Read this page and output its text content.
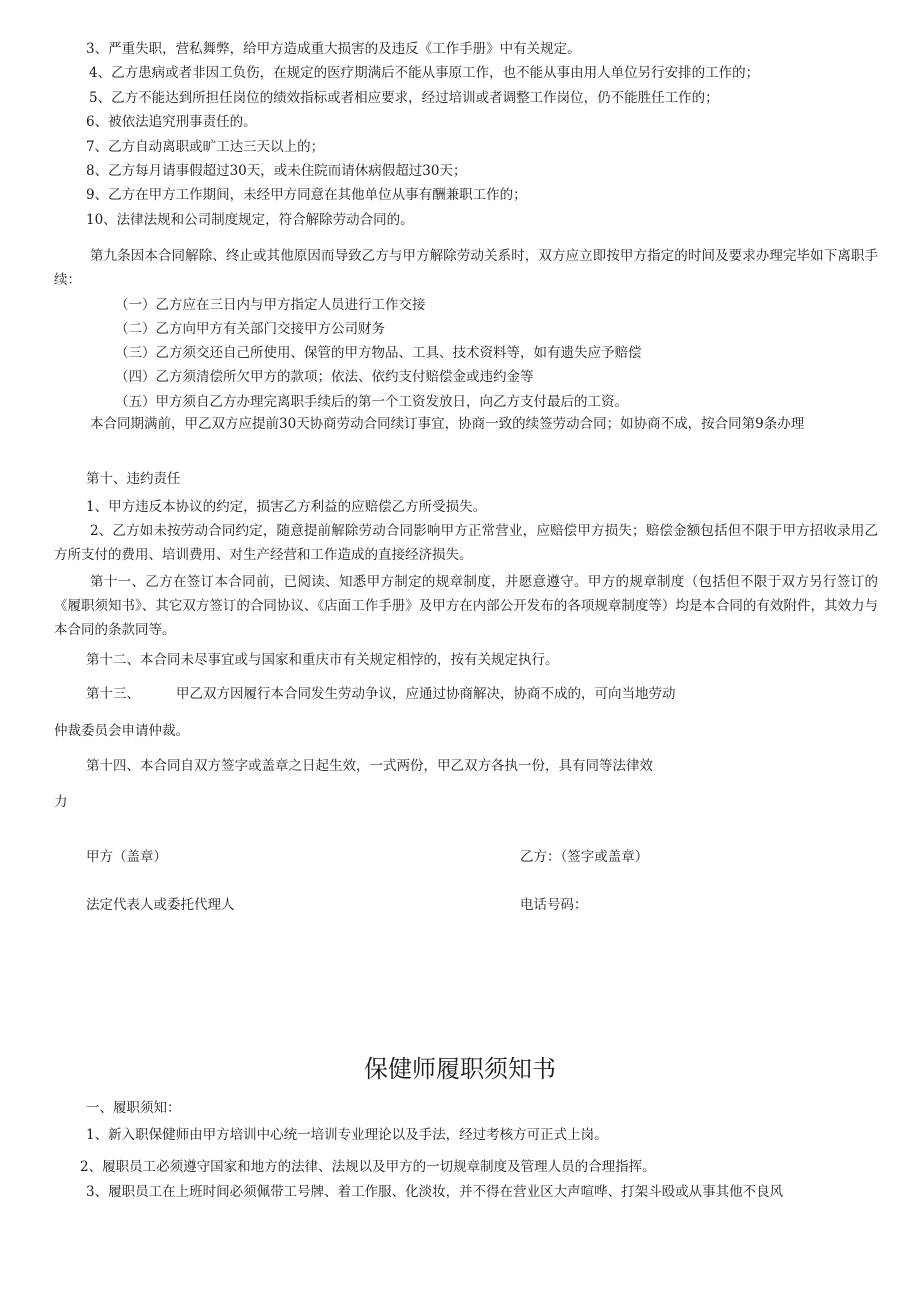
3、严重失职，营私舞弊，给甲方造成重大损害的及违反《工作手册》中有关规定。
4、乙方患病或者非因工负伤，在规定的医疗期满后不能从事原工作，也不能从事由用人单位另行安排的工作的；
5、乙方不能达到所担任岗位的绩效指标或者相应要求，经过培训或者调整工作岗位，仍不能胜任工作的；
6、被依法追究刑事责任的。
7、乙方自动离职或旷工达三天以上的；
8、乙方每月请事假超过30天，或未住院而请休病假超过30天；
9、乙方在甲方工作期间，未经甲方同意在其他单位从事有酬兼职工作的；
10、法律法规和公司制度规定，符合解除劳动合同的。
第九条因本合同解除、终止或其他原因而导致乙方与甲方解除劳动关系时，双方应立即按甲方指定的时间及要求办理完毕如下离职手续：
（一）乙方应在三日内与甲方指定人员进行工作交接
（二）乙方向甲方有关部门交接甲方公司财务
（三）乙方须交还自己所使用、保管的甲方物品、工具、技术资料等，如有遗失应予赔偿
（四）乙方须清偿所欠甲方的款项；依法、依约支付赔偿金或违约金等
（五）甲方须自乙方办理完离职手续后的第一个工资发放日，向乙方支付最后的工资。
本合同期满前，甲乙双方应提前30天协商劳动合同续订事宜，协商一致的续签劳动合同；如协商不成，按合同第9条办理
第十、违约责任
1、甲方违反本协议的约定，损害乙方利益的应赔偿乙方所受损失。
2、乙方如未按劳动合同约定，随意提前解除劳动合同影响甲方正常营业，应赔偿甲方损失；赔偿金额包括但不限于甲方招收录用乙方所支付的费用、培训费用、对生产经营和工作造成的直接经济损失。
第十一、乙方在签订本合同前，已阅读、知悉甲方制定的规章制度，并愿意遵守。甲方的规章制度（包括但不限于双方另行签订的《履职须知书》、其它双方签订的合同协议、《店面工作手册》及甲方在内部公开发布的各项规章制度等）均是本合同的有效附件，其效力与本合同的条款同等。
第十二、本合同未尽事宜或与国家和重庆市有关规定相悖的，按有关规定执行。
第十三、	甲乙双方因履行本合同发生劳动争议，应通过协商解决，协商不成的，可向当地劳动
仲裁委员会申请仲裁。
第十四、本合同自双方签字或盖章之日起生效，一式两份，甲乙双方各执一份，具有同等法律效
力
甲方（盖章）	乙方：（签字或盖章）
法定代表人或委托代理人	电话号码：
保健师履职须知书
一、履职须知：
1、新入职保健师由甲方培训中心统一培训专业理论以及手法，经过考核方可正式上岗。
2、履职员工必须遵守国家和地方的法律、法规以及甲方的一切规章制度及管理人员的合理指挥。
3、履职员工在上班时间必须佩带工号牌、着工作服、化淡妆，并不得在营业区大声喧哗、打架斗殴或从事其他不良风
